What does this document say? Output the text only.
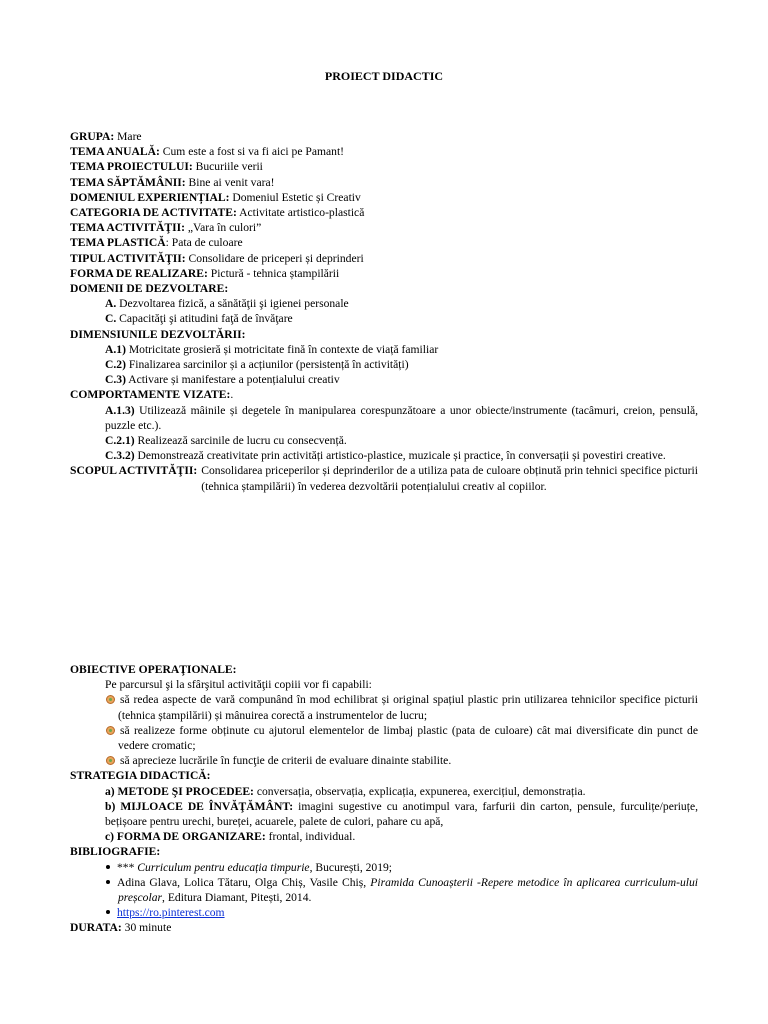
PROIECT DIDACTIC
GRUPA: Mare
TEMA ANUALĂ: Cum este a fost si va fi aici pe Pamant!
TEMA PROIECTULUI: Bucuriile verii
TEMA SĂPTĂMÂNII: Bine ai venit vara!
DOMENIUL EXPERIENȚIAL: Domeniul Estetic și Creativ
CATEGORIA DE ACTIVITATE: Activitate artistico-plastică
TEMA ACTIVITĂŢII: „Vara în culori”
TEMA PLASTICĂ: Pata de culoare
TIPUL ACTIVITĂŢII: Consolidare de priceperi și deprinderi
FORMA DE REALIZARE: Pictură - tehnica ștampilării
DOMENII DE DEZVOLTARE:
A. Dezvoltarea fizică, a sănătăţii şi igienei personale
C. Capacităţi şi atitudini faţă de învăţare
DIMENSIUNILE DEZVOLTĂRII:
A.1) Motricitate grosieră și motricitate fină în contexte de viață familiar
C.2) Finalizarea sarcinilor și a acțiunilor (persistență în activități)
C.3) Activare și manifestare a potențialului creativ
COMPORTAMENTE VIZATE:.
A.1.3) Utilizează mâinile și degetele în manipularea corespunzătoare a unor obiecte/instrumente (tacâmuri, creion, pensulă, puzzle etc.).
C.2.1) Realizează sarcinile de lucru cu consecvență.
C.3.2) Demonstrează creativitate prin activități artistico-plastice, muzicale și practice, în conversații și povestiri creative.
SCOPUL ACTIVITĂŢII: Consolidarea priceperilor și deprinderilor de a utiliza pata de culoare obținută prin tehnici specifice picturii (tehnica ștampilării) în vederea dezvoltării potențialului creativ al copiilor.
OBIECTIVE OPERAŢIONALE:
Pe parcursul şi la sfârşitul activităţii copiii vor fi capabili:
să redea aspecte de vară compunând în mod echilibrat și original spațiul plastic prin utilizarea tehnicilor specifice picturii (tehnica ștampilării) și mânuirea corectă a instrumentelor de lucru;
să realizeze forme obținute cu ajutorul elementelor de limbaj plastic (pata de culoare) cât mai diversificate din punct de vedere cromatic;
să aprecieze lucrările în funcţie de criterii de evaluare dinainte stabilite.
STRATEGIA DIDACTICĂ:
a) METODE ŞI PROCEDEE: conversația, observația, explicația, expunerea, exercițiul, demonstrația.
b) MIJLOACE DE ÎNVĂŢĂMÂNT: imagini sugestive cu anotimpul vara, farfurii din carton, pensule, furculițe/periuțe, bețișoare pentru urechi, bureței, acuarele, palete de culori, pahare cu apă,
c) FORMA DE ORGANIZARE: frontal, individual.
BIBLIOGRAFIE:
*** Curriculum pentru educația timpurie, București, 2019;
Adina Glava, Lolica Tătaru, Olga Chiș, Vasile Chiș, Piramida Cunoașterii -Repere metodice în aplicarea curriculum-ului preșcolar, Editura Diamant, Pitești, 2014.
https://ro.pinterest.com
DURATA: 30 minute
